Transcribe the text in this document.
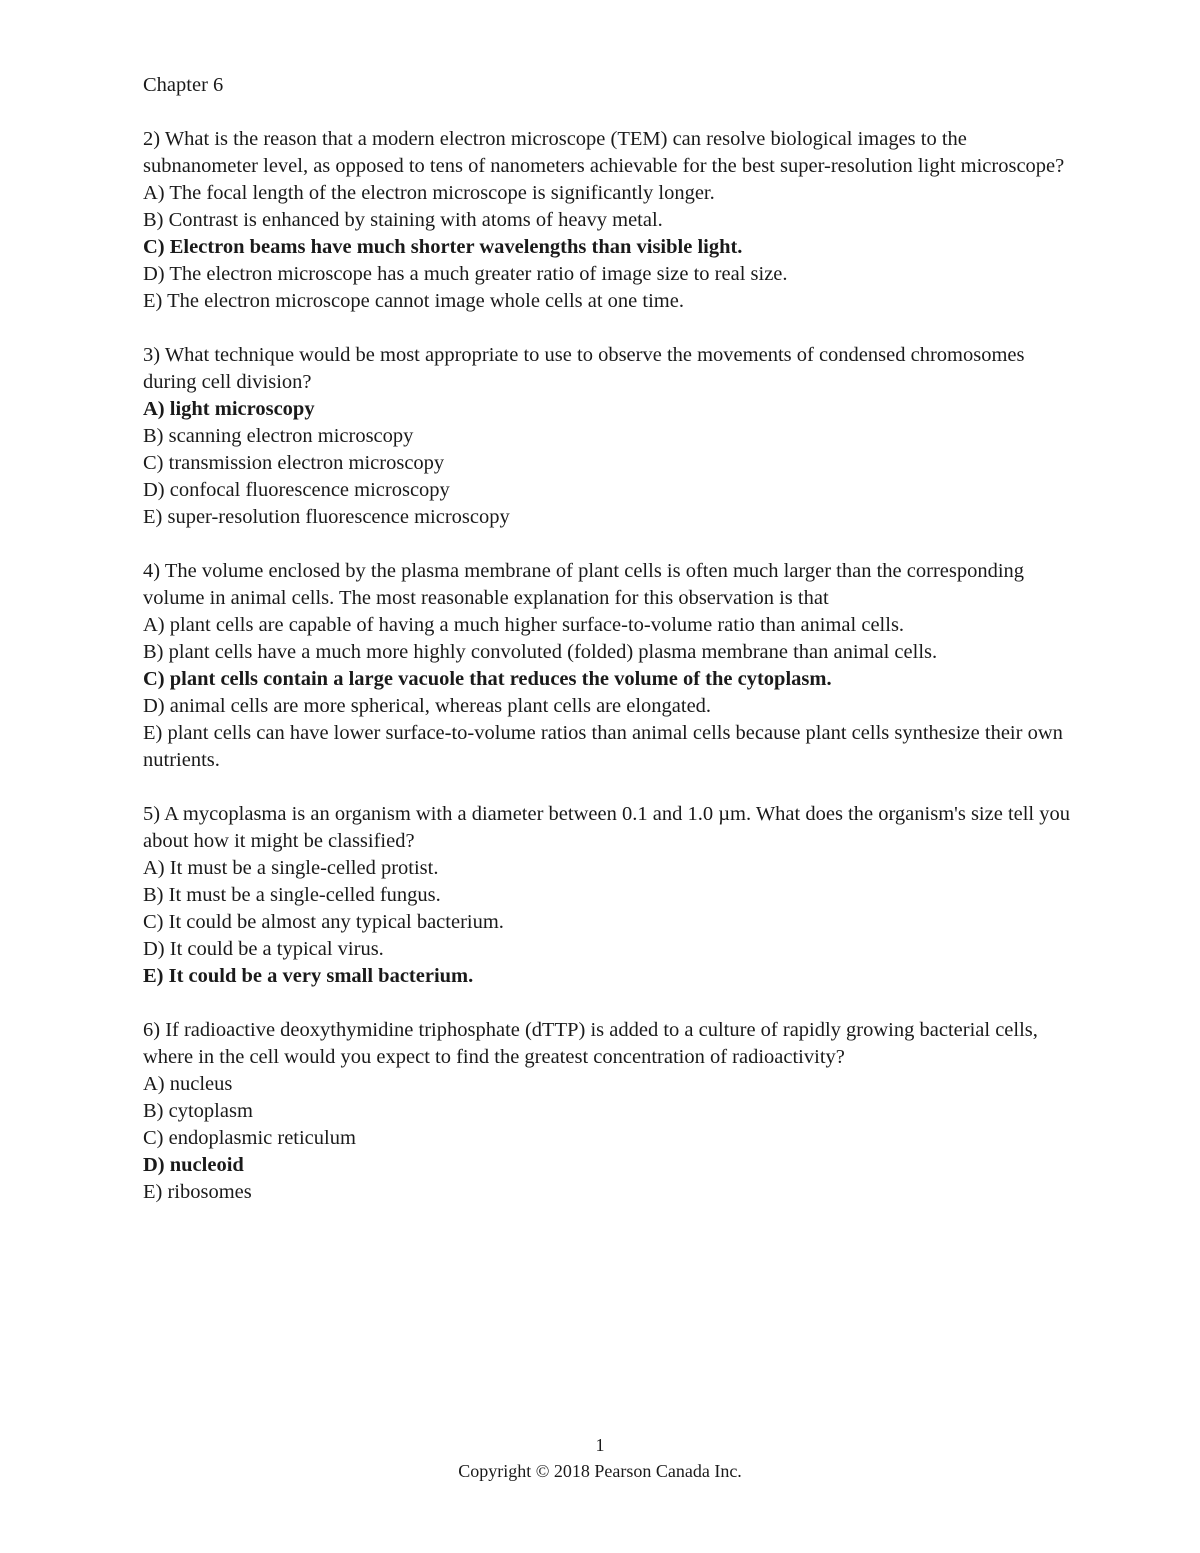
Chapter 6

2) What is the reason that a modern electron microscope (TEM) can resolve biological images to the subnanometer level, as opposed to tens of nanometers achievable for the best super-resolution light microscope?

A) The focal length of the electron microscope is significantly longer.
B) Contrast is enhanced by staining with atoms of heavy metal.
C) Electron beams have much shorter wavelengths than visible light.
D) The electron microscope has a much greater ratio of image size to real size.
E) The electron microscope cannot image whole cells at one time.

3) What technique would be most appropriate to use to observe the movements of condensed chromosomes during cell division?

A) light microscopy
B) scanning electron microscopy
C) transmission electron microscopy
D) confocal fluorescence microscopy
E) super-resolution fluorescence microscopy

4) The volume enclosed by the plasma membrane of plant cells is often much larger than the corresponding volume in animal cells. The most reasonable explanation for this observation is that

A) plant cells are capable of having a much higher surface-to-volume ratio than animal cells.
B) plant cells have a much more highly convoluted (folded) plasma membrane than animal cells.
C) plant cells contain a large vacuole that reduces the volume of the cytoplasm.
D) animal cells are more spherical, whereas plant cells are elongated.
E) plant cells can have lower surface-to-volume ratios than animal cells because plant cells synthesize their own nutrients.

5) A mycoplasma is an organism with a diameter between 0.1 and 1.0 µm. What does the organism's size tell you about how it might be classified?

A) It must be a single-celled protist.
B) It must be a single-celled fungus.
C) It could be almost any typical bacterium.
D) It could be a typical virus.
E) It could be a very small bacterium.

6) If radioactive deoxythymidine triphosphate (dTTP) is added to a culture of rapidly growing bacterial cells, where in the cell would you expect to find the greatest concentration of radioactivity?

A) nucleus
B) cytoplasm
C) endoplasmic reticulum
D) nucleoid
E) ribosomes
1
Copyright © 2018 Pearson Canada Inc.
